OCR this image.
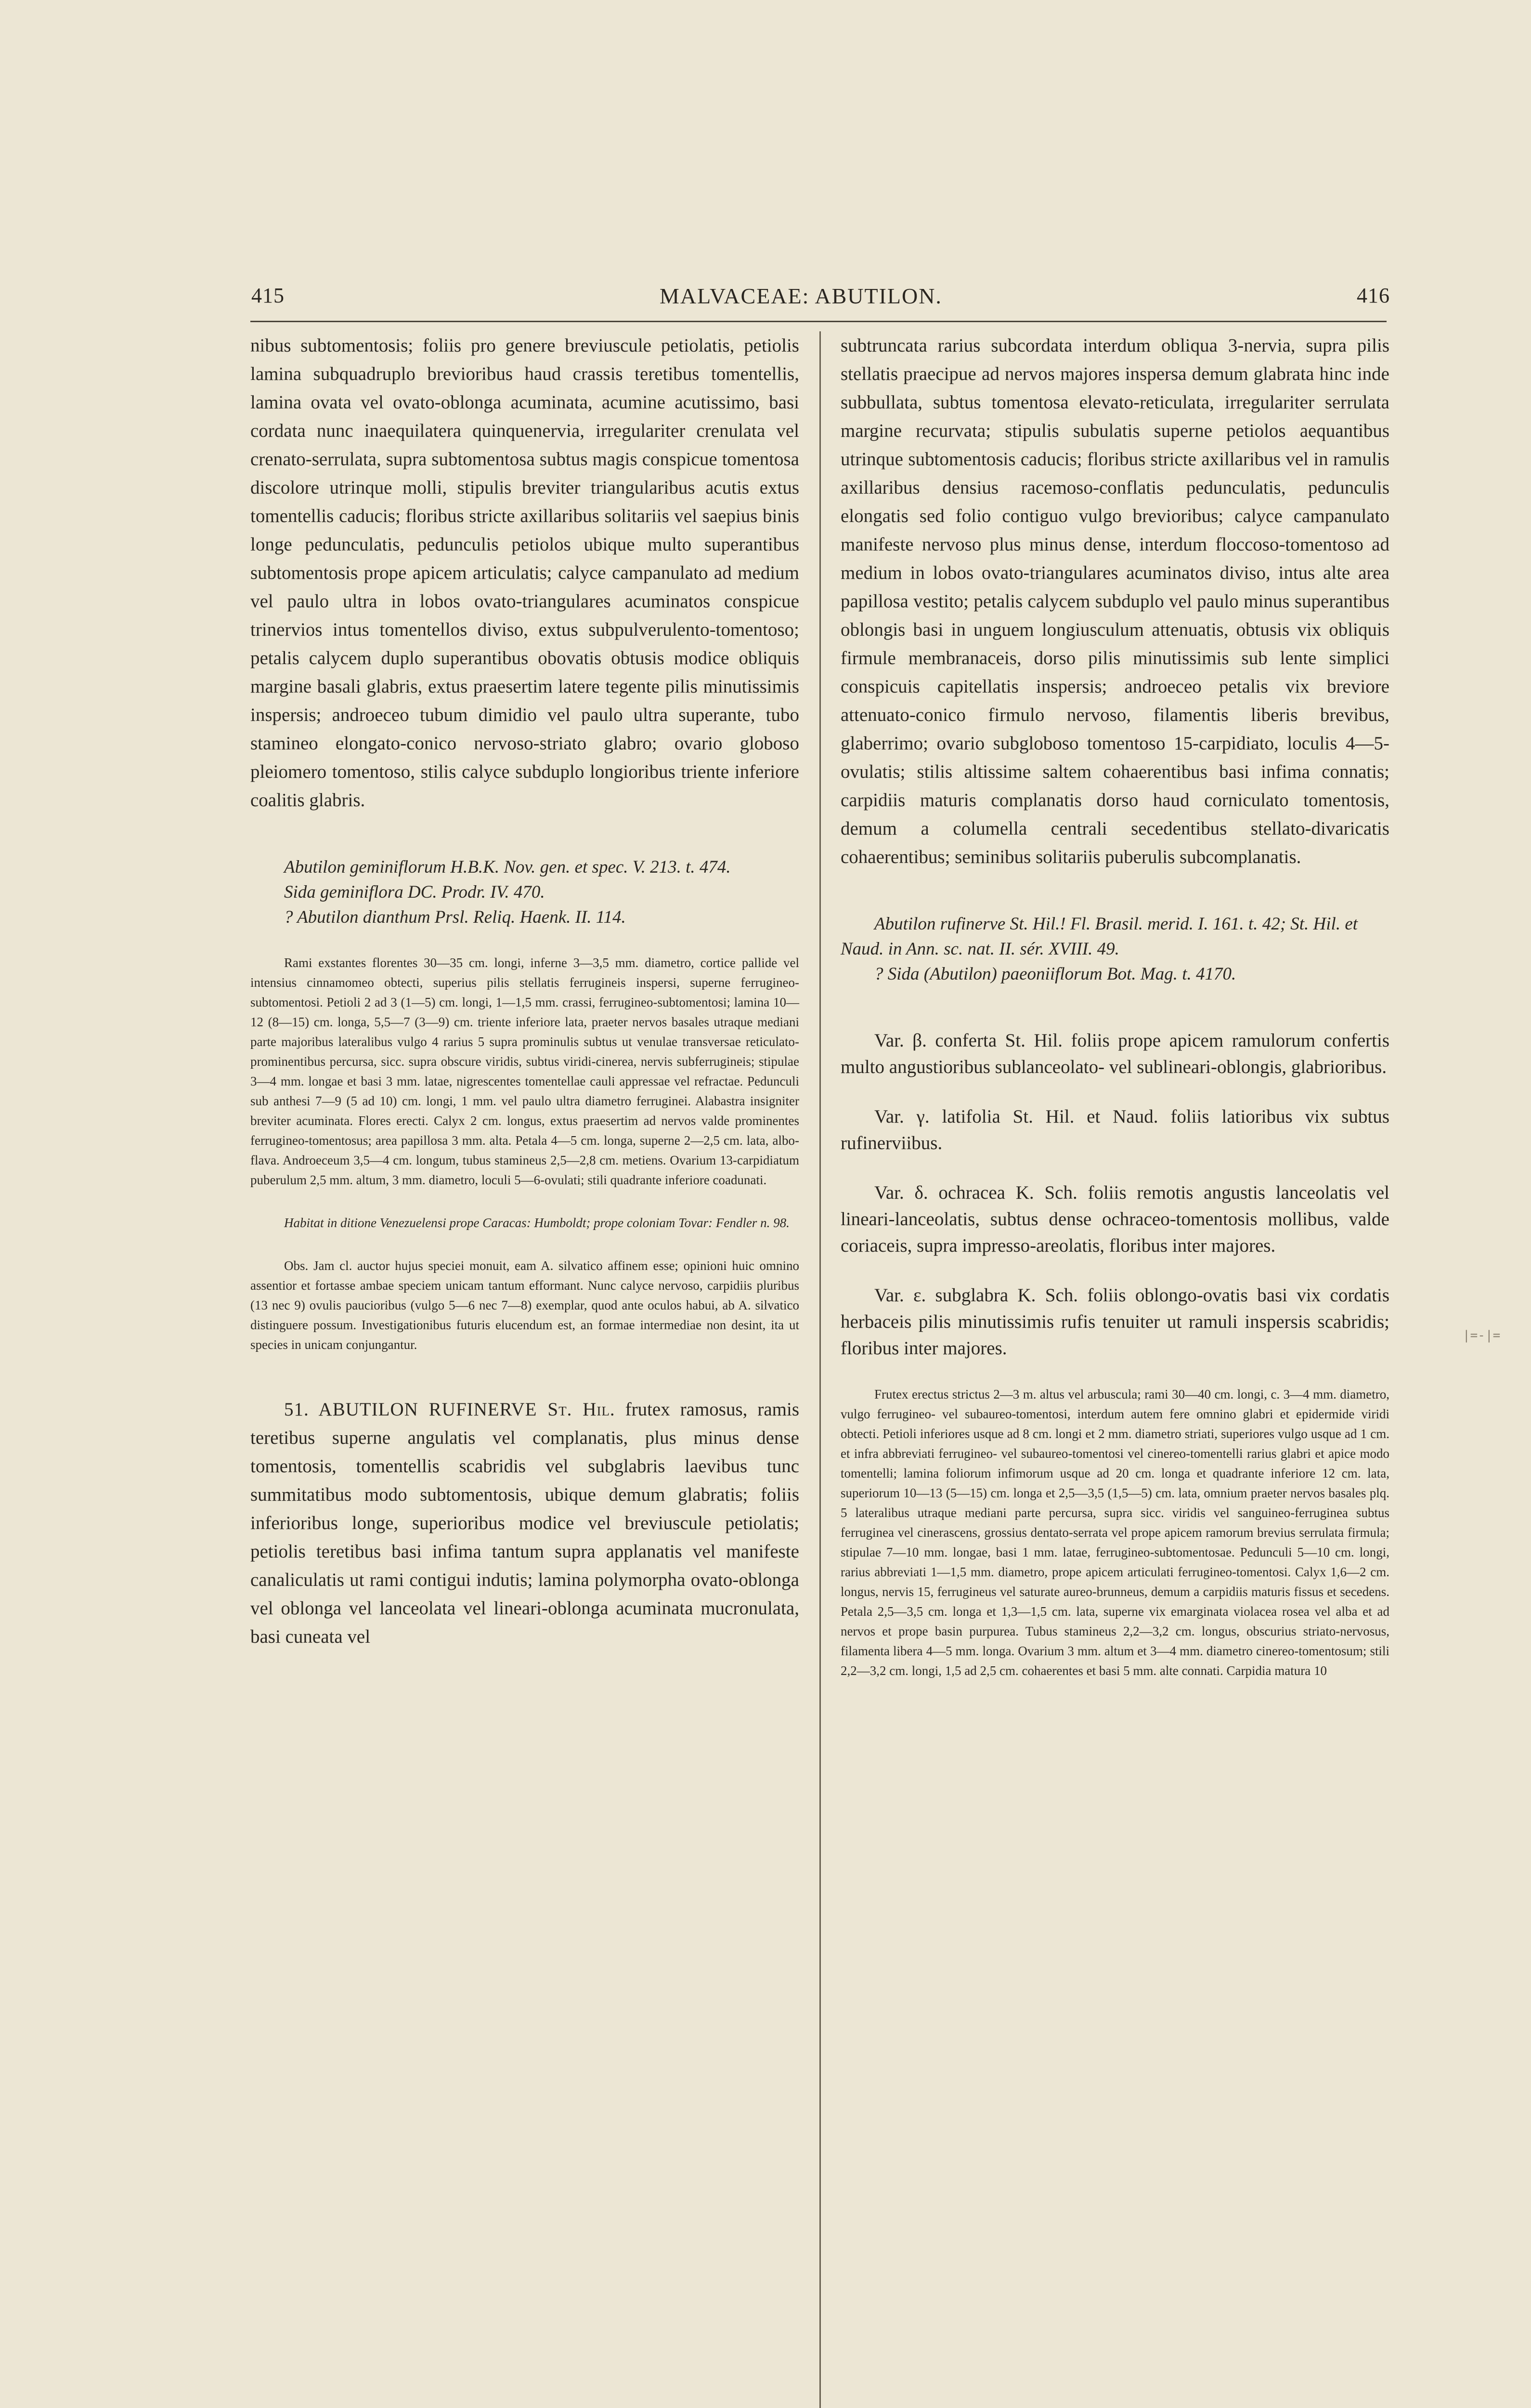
415	MALVACEAE: ABUTILON.	416

nibus subtomentosis; foliis pro genere breviuscule petiolatis, petiolis lamina subquadruplo brevioribus haud crassis teretibus tomentellis, lamina ovata vel ovato-oblonga acuminata, acumine acutissimo, basi cordata nunc inaequilatera quinquenervia, irregulariter crenulata vel crenato-serrulata, supra subtomentosa subtus magis conspicue tomentosa discolore utrinque molli, stipulis breviter triangularibus acutis extus tomentellis caducis; floribus stricte axillaribus solitariis vel saepius binis longe pedunculatis, pedunculis petiolos ubique multo superantibus subtomentosis prope apicem articulatis; calyce campanulato ad medium vel paulo ultra in lobos ovato-triangulares acuminatos conspicue trinervios intus tomentellos diviso, extus subpulverulento-tomentoso; petalis calycem duplo superantibus obovatis obtusis modice obliquis margine basali glabris, extus praesertim latere tegente pilis minutissimis inspersis; androeceo tubum dimidio vel paulo ultra superante, tubo stamineo elongato-conico nervoso-striato glabro; ovario globoso pleiomero tomentoso, stilis calyce subduplo longioribus triente inferiore coalitis glabris.

Abutilon geminiflorum H.B.K. Nov. gen. et spec. V. 213. t. 474.

Sida geminiflora DC. Prodr. IV. 470.

? Abutilon dianthum Prsl. Reliq. Haenk. II. 114.

Rami exstantes florentes 30—35 cm. longi, inferne 3—3,5 mm. diametro, cortice pallide vel intensius cinnamomeo obtecti, superius pilis stellatis ferrugineis inspersi, superne ferrugineo-subtomentosi. Petioli 2 ad 3 (1—5) cm. longi, 1—1,5 mm. crassi, ferrugineo-subtomentosi; lamina 10—12 (8—15) cm. longa, 5,5—7 (3—9) cm. triente inferiore lata, praeter nervos basales utraque mediani parte majoribus lateralibus vulgo 4 rarius 5 supra prominulis subtus ut venulae transversae reticulato-prominentibus percursa, sicc. supra obscure viridis, subtus viridi-cinerea, nervis subferrugineis; stipulae 3—4 mm. longae et basi 3 mm. latae, nigrescentes tomentellae cauli appressae vel refractae. Pedunculi sub anthesi 7—9 (5 ad 10) cm. longi, 1 mm. vel paulo ultra diametro ferruginei. Alabastra insigniter breviter acuminata. Flores erecti. Calyx 2 cm. longus, extus praesertim ad nervos valde prominentes ferrugineo-tomentosus; area papillosa 3 mm. alta. Petala 4—5 cm. longa, superne 2—2,5 cm. lata, albo-flava. Androeceum 3,5—4 cm. longum, tubus stamineus 2,5—2,8 cm. metiens. Ovarium 13-carpidiatum puberulum 2,5 mm. altum, 3 mm. diametro, loculi 5—6-ovulati; stili quadrante inferiore coadunati.

Habitat in ditione Venezuelensi prope Caracas: Humboldt; prope coloniam Tovar: Fendler n. 98.

Obs. Jam cl. auctor hujus speciei monuit, eam A. silvatico affinem esse; opinioni huic omnino assentior et fortasse ambae speciem unicam tantum efformant. Nunc calyce nervoso, carpidiis pluribus (13 nec 9) ovulis paucioribus (vulgo 5—6 nec 7—8) exemplar, quod ante oculos habui, ab A. silvatico distinguere possum. Investigationibus futuris elucendum est, an formae intermediae non desint, ita ut species in unicam conjungantur.

51. ABUTILON RUFINERVE St. Hil. frutex ramosus, ramis teretibus superne angulatis vel complanatis, plus minus dense tomentosis, tomentellis scabridis vel subglabris laevibus tunc summitatibus modo subtomentosis, ubique demum glabratis; foliis inferioribus longe, superioribus modice vel breviuscule petiolatis; petiolis teretibus basi infima tantum supra applanatis vel manifeste canaliculatis ut rami contigui indutis; lamina polymorpha ovato-oblonga vel oblonga vel lanceolata vel lineari-oblonga acuminata mucronulata, basi cuneata vel

subtruncata rarius subcordata interdum obliqua 3-nervia, supra pilis stellatis praecipue ad nervos majores inspersa demum glabrata hinc inde subbullata, subtus tomentosa elevato-reticulata, irregulariter serrulata margine recurvata; stipulis subulatis superne petiolos aequantibus utrinque subtomentosis caducis; floribus stricte axillaribus vel in ramulis axillaribus densius racemoso-conflatis pedunculatis, pedunculis elongatis sed folio contiguo vulgo brevioribus; calyce campanulato manifeste nervoso plus minus dense, interdum floccoso-tomentoso ad medium in lobos ovato-triangulares acuminatos diviso, intus alte area papillosa vestito; petalis calycem subduplo vel paulo minus superantibus oblongis basi in unguem longiusculum attenuatis, obtusis vix obliquis firmule membranaceis, dorso pilis minutissimis sub lente simplici conspicuis capitellatis inspersis; androeceo petalis vix breviore attenuato-conico firmulo nervoso, filamentis liberis brevibus, glaberrimo; ovario subgloboso tomentoso 15-carpidiato, loculis 4—5-ovulatis; stilis altissime saltem cohaerentibus basi infima connatis; carpidiis maturis complanatis dorso haud corniculato tomentosis, demum a columella centrali secedentibus stellato-divaricatis cohaerentibus; seminibus solitariis puberulis subcomplanatis.

Abutilon rufinerve St. Hil.! Fl. Brasil. merid. I. 161. t. 42; St. Hil. et Naud. in Ann. sc. nat. II. sér. XVIII. 49.

? Sida (Abutilon) paeoniiflorum Bot. Mag. t. 4170.

Var. β. conferta St. Hil. foliis prope apicem ramulorum confertis multo angustioribus sublanceolato- vel sublineari-oblongis, glabrioribus.

Var. γ. latifolia St. Hil. et Naud. foliis latioribus vix subtus rufinerviibus.

Var. δ. ochracea K. Sch. foliis remotis angustis lanceolatis vel lineari-lanceolatis, subtus dense ochraceo-tomentosis mollibus, valde coriaceis, supra impresso-areolatis, floribus inter majores.

Var. ε. subglabra K. Sch. foliis oblongo-ovatis basi vix cordatis herbaceis pilis minutissimis rufis tenuiter ut ramuli inspersis scabridis; floribus inter majores.

Frutex erectus strictus 2—3 m. altus vel arbuscula; rami 30—40 cm. longi, c. 3—4 mm. diametro, vulgo ferrugineo- vel subaureo-tomentosi, interdum autem fere omnino glabri et epidermide viridi obtecti. Petioli inferiores usque ad 8 cm. longi et 2 mm. diametro striati, superiores vulgo usque ad 1 cm. et infra abbreviati ferrugineo- vel subaureo-tomentosi vel cinereo-tomentelli rarius glabri et apice modo tomentelli; lamina foliorum infimorum usque ad 20 cm. longa et quadrante inferiore 12 cm. lata, superiorum 10—13 (5—15) cm. longa et 2,5—3,5 (1,5—5) cm. lata, omnium praeter nervos basales plq. 5 lateralibus utraque mediani parte percursa, supra sicc. viridis vel sanguineo-ferruginea subtus ferruginea vel cinerascens, grossius dentato-serrata vel prope apicem ramorum brevius serrulata firmula; stipulae 7—10 mm. longae, basi 1 mm. latae, ferrugineo-subtomentosae. Pedunculi 5—10 cm. longi, rarius abbreviati 1—1,5 mm. diametro, prope apicem articulati ferrugineo-tomentosi. Calyx 1,6—2 cm. longus, nervis 15, ferrugineus vel saturate aureo-brunneus, demum a carpidiis maturis fissus et secedens. Petala 2,5—3,5 cm. longa et 1,3—1,5 cm. lata, superne vix emarginata violacea rosea vel alba et ad nervos et prope basin purpurea. Tubus stamineus 2,2—3,2 cm. longus, obscurius striato-nervosus, filamenta libera 4—5 mm. longa. Ovarium 3 mm. altum et 3—4 mm. diametro cinereo-tomentosum; stili 2,2—3,2 cm. longi, 1,5 ad 2,5 cm. cohaerentes et basi 5 mm. alte connati. Carpidia matura 10

|=-|=
